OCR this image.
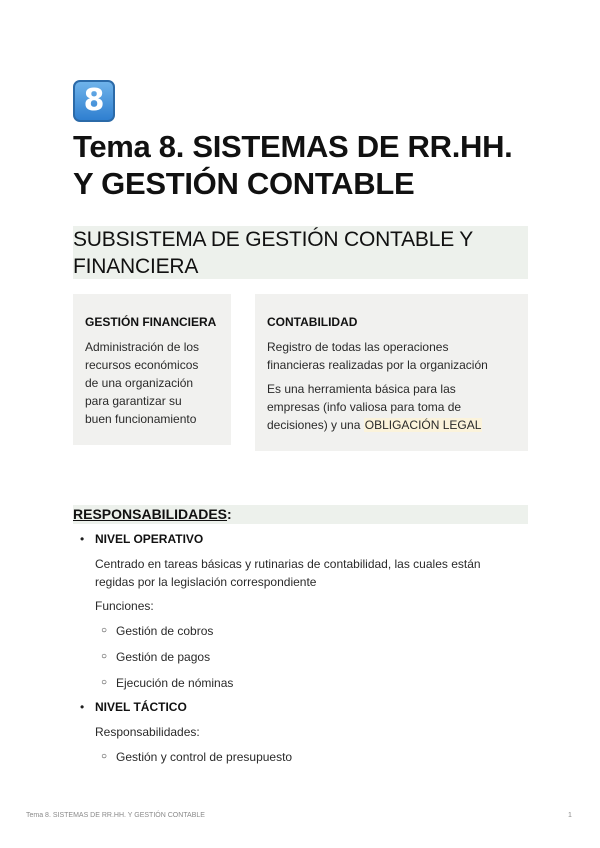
8
Tema 8. SISTEMAS DE RR.HH.
Y GESTIÓN CONTABLE
SUBSISTEMA DE GESTIÓN CONTABLE Y
FINANCIERA

GESTIÓN FINANCIERA

Administración de los
recursos económicos
de una organización
para garantizar su
buen funcionamiento

CONTABILIDAD

Registro de todas las operaciones
financieras realizadas por la organización

Es una herramienta básica para las
empresas (info valiosa para toma de
decisiones) y una OBLIGACIÓN LEGAL

RESPONSABILIDADES:
• NIVEL OPERATIVO
Centrado en tareas básicas y rutinarias de contabilidad, las cuales están
regidas por la legislación correspondiente
Funciones:
○ Gestión de cobros
○ Gestión de pagos
○ Ejecución de nóminas
• NIVEL TÁCTICO
Responsabilidades:
○ Gestión y control de presupuesto
Tema 8. SISTEMAS DE RR.HH. Y GESTIÓN CONTABLE	1
